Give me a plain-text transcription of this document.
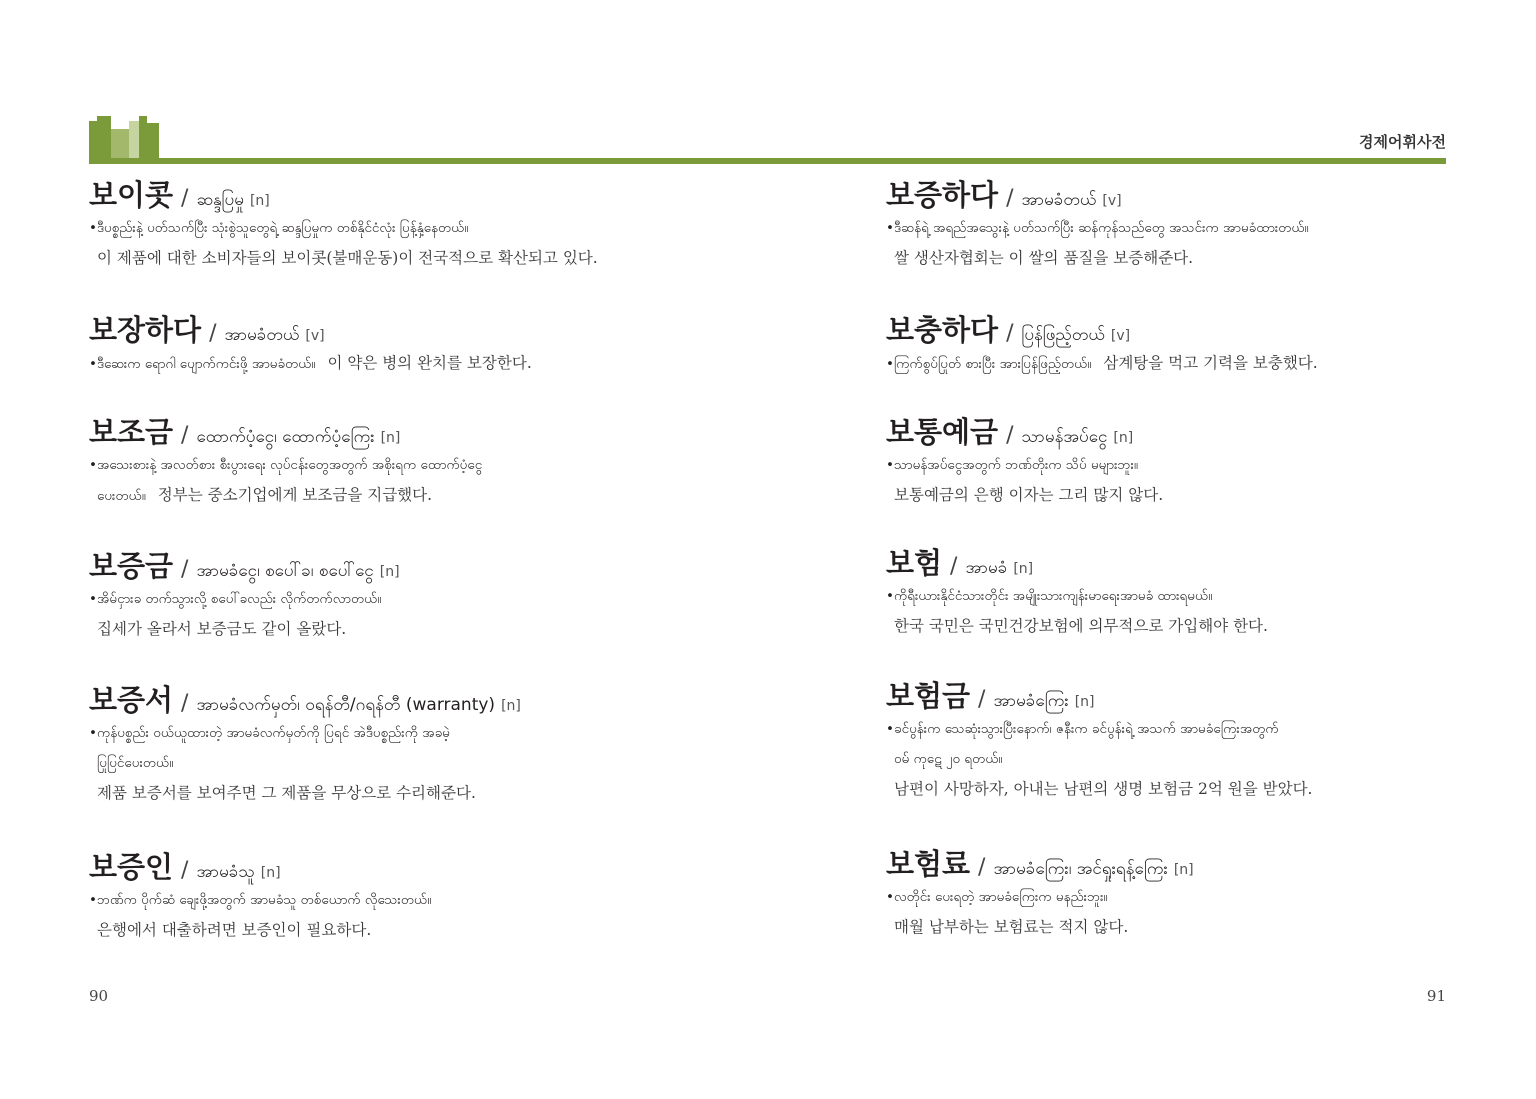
경제어휘사전
보이콧 / ဆန္ဒပြမှု [n]
•ဒီပစ္စည်းနဲ့ ပတ်သက်ပြီး သုံးစွဲသူတွေရဲ့ ဆန္ဒပြမှုက တစ်နိုင်ငံလုံး ပြန့်နှံ့နေတယ်။
이 제품에 대한 소비자들의 보이콧(불매운동)이 전국적으로 확산되고 있다.
보장하다 / အာမခံတယ် [v]
•ဒီဆေးက ရောဂါ ပျောက်ကင်းဖို့ အာမခံတယ်။ 이 약은 병의 완치를 보장한다.
보조금 / ထောက်ပံ့ငွေ၊ ထောက်ပံ့ကြေး [n]
•အသေးစားနဲ့ အလတ်စား စီးပွားရေး လုပ်ငန်းတွေအတွက် အစိုးရက ထောက်ပံ့ငွေ
ပေးတယ်။ 정부는 중소기업에게 보조금을 지급했다.
보증금 / အာမခံငွေ၊ စပေါ်ခ၊ စပေါ်ငွေ [n]
•အိမ်ငှားခ တက်သွားလို့ စပေါ်ခလည်း လိုက်တက်လာတယ်။
집세가 올라서 보증금도 같이 올랐다.
보증서 / အာမခံလက်မှတ်၊ ဝရန်တီ/ဂရန်တီ (warranty) [n]
•ကုန်ပစ္စည်း ဝယ်ယူထားတဲ့ အာမခံလက်မှတ်ကို ပြရင် အဲဒီပစ္စည်းကို အခမဲ့
ပြုပြင်ပေးတယ်။
제품 보증서를 보여주면 그 제품을 무상으로 수리해준다.
보증인 / အာမခံသူ [n]
•ဘဏ်က ပိုက်ဆံ ချေးဖို့အတွက် အာမခံသူ တစ်ယောက် လိုသေးတယ်။
은행에서 대출하려면 보증인이 필요하다.
보증하다 / အာမခံတယ် [v]
•ဒီဆန်ရဲ့ အရည်အသွေးနဲ့ ပတ်သက်ပြီး ဆန်ကုန်သည်တွေ အသင်းက အာမခံထားတယ်။
쌀 생산자협회는 이 쌀의 품질을 보증해준다.
보충하다 / ပြန်ဖြည့်တယ် [v]
•ကြက်စွပ်ပြုတ် စားပြီး အားပြန်ဖြည့်တယ်။ 삼계탕을 먹고 기력을 보충했다.
보통예금 / သာမန်အပ်ငွေ [n]
•သာမန်အပ်ငွေအတွက် ဘဏ်တိုးက သိပ် မများဘူး။
보통예금의 은행 이자는 그리 많지 않다.
보험 / အာမခံ [n]
•ကိုရီးယားနိုင်ငံသားတိုင်း အမျိုးသားကျန်းမာရေးအာမခံ ထားရမယ်။
한국 국민은 국민건강보험에 의무적으로 가입해야 한다.
보험금 / အာမခံကြေး [n]
•ခင်ပွန်းက သေဆုံးသွားပြီးနောက်၊ ဇနီးက ခင်ပွန်းရဲ့ အသက် အာမခံကြေးအတွက်
ဝမ် ကုဋေ ၂၀ ရတယ်။
남편이 사망하자, 아내는 남편의 생명 보험금 2억 원을 받았다.
보험료 / အာမခံကြေး၊ အင်ရှုးရန့်ကြေး [n]
•လတိုင်း ပေးရတဲ့ အာမခံကြေးက မနည်းဘူး။
매월 납부하는 보험료는 적지 않다.
90	91
